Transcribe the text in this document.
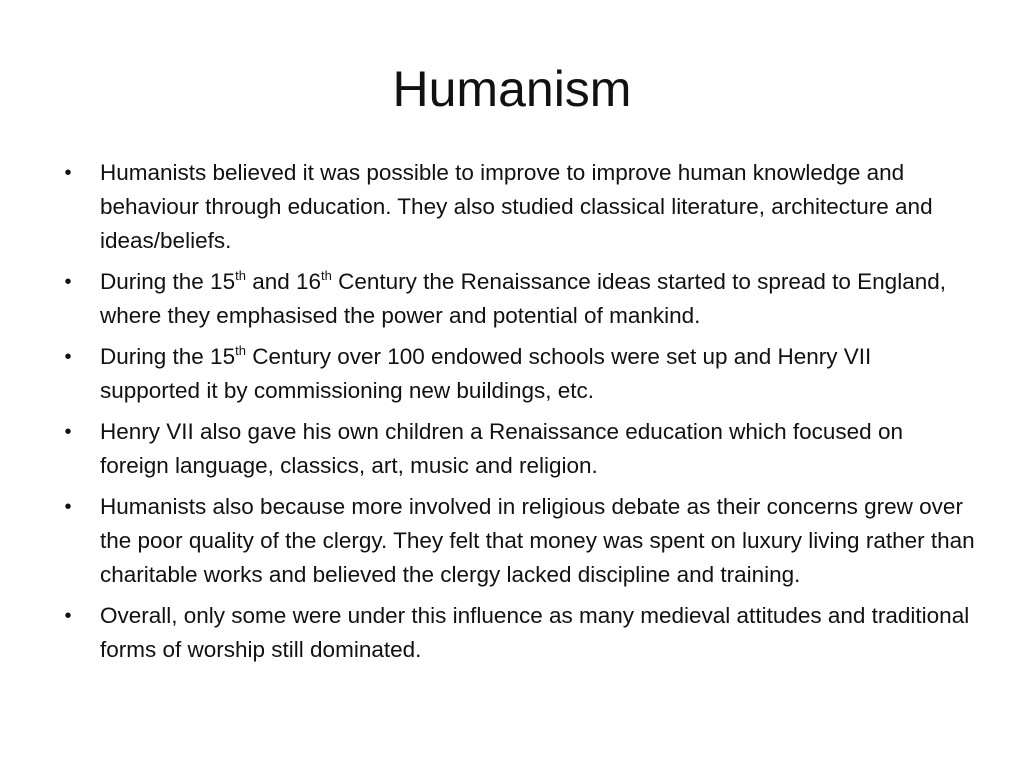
Humanism
• Humanists believed it was possible to improve to improve human knowledge and behaviour through education. They also studied classical literature, architecture and ideas/beliefs.
• During the 15th and 16th Century the Renaissance ideas started to spread to England, where they emphasised the power and potential of mankind.
• During the 15th Century over 100 endowed schools were set up and Henry VII supported it by commissioning new buildings, etc.
• Henry VII also gave his own children a Renaissance education which focused on foreign language, classics, art, music and religion.
• Humanists also because more involved in religious debate as their concerns grew over the poor quality of the clergy. They felt that money was spent on luxury living rather than charitable works and believed the clergy lacked discipline and training.
• Overall, only some were under this influence as many medieval attitudes and traditional forms of worship still dominated.
